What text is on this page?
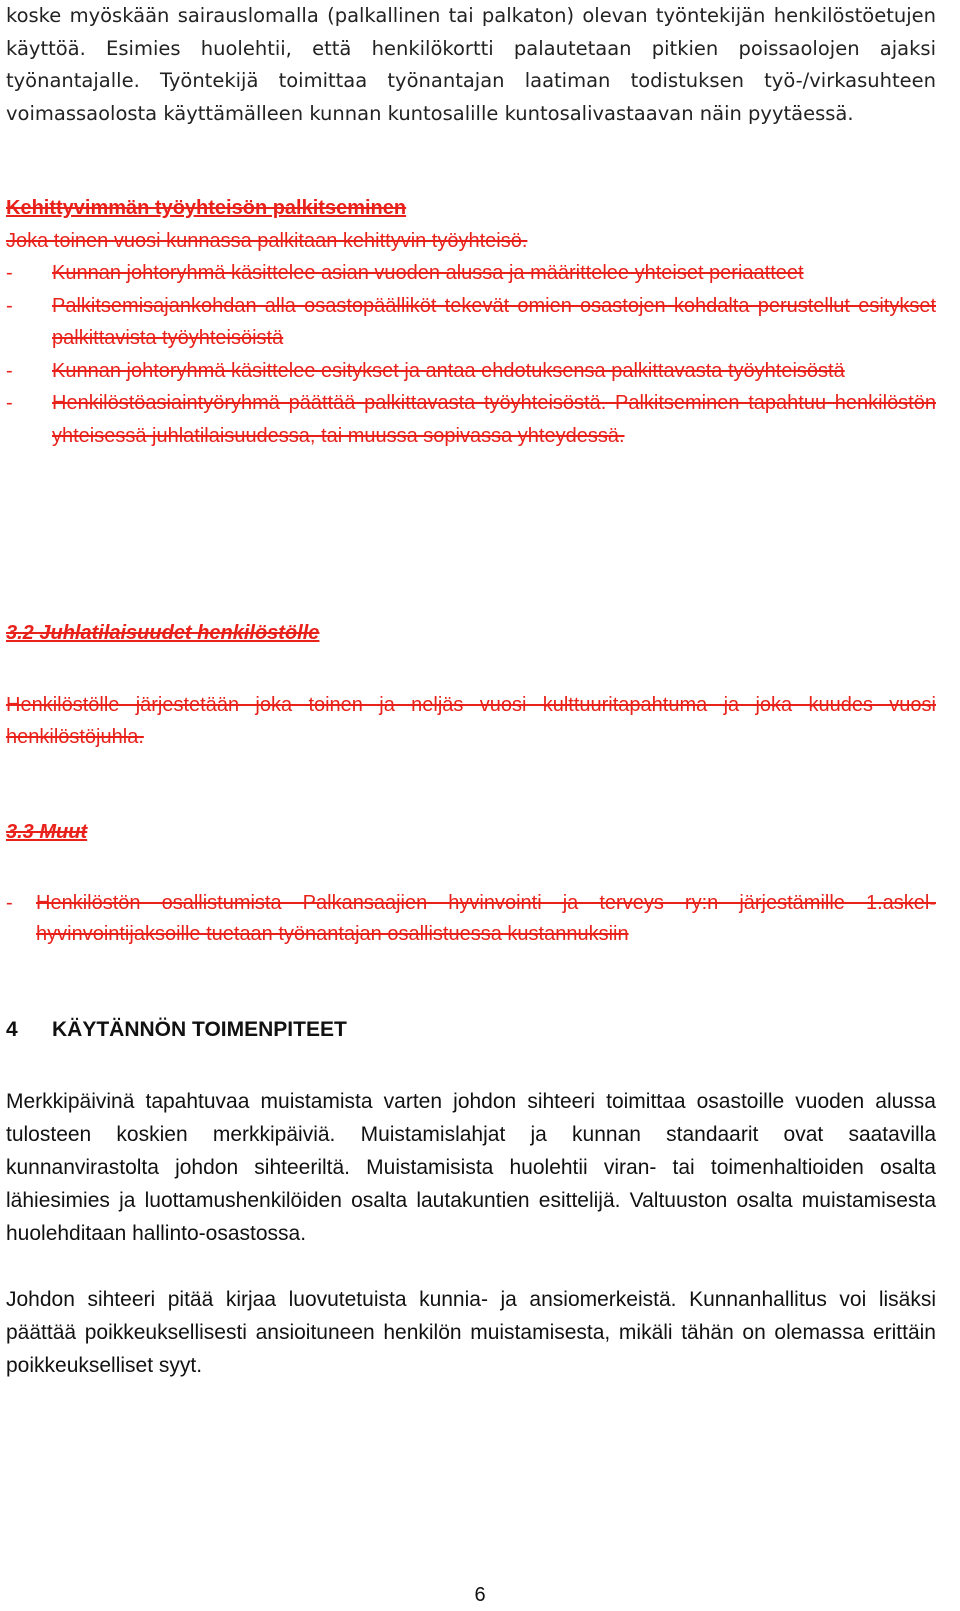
koske myöskään sairauslomalla (palkallinen tai palkaton) olevan työntekijän henkilöstöetujen käyttöä. Esimies huolehtii, että henkilökortti palautetaan pitkien poissaolojen ajaksi työnantajalle. Työntekijä toimittaa työnantajan laatiman todistuksen työ-/virkasuhteen voimassaolosta käyttämälleen kunnan kuntosalille kuntosalivastaavan näin pyytäessä.
Kehittyvimmän työyhteisön palkitseminen
Joka toinen vuosi kunnassa palkitaan kehittyvin työyhteisö.
- Kunnan johtoryhmä käsittelee asian vuoden alussa ja määrittelee yhteiset periaatteet
- Palkitsemisajankohdan alla osastopäälliköt tekevät omien osastojen kohdalta perustellut esitykset palkittavista työyhteisöistä
- Kunnan johtoryhmä käsittelee esitykset ja antaa ehdotuksensa palkittavasta työyhteisöstä
- Henkilöstöasiaintyöryhmä päättää palkittavasta työyhteisöstä. Palkitseminen tapahtuu henkilöstön yhteisessä juhlatilaisuudessa, tai muussa sopivassa yhteydessä.
3.2 Juhlatilaisuudet henkilöstölle
Henkilöstölle järjestetään joka toinen ja neljäs vuosi kulttuuritapahtuma ja joka kuudes vuosi henkilöstöjuhla.
3.3 Muut
- Henkilöstön osallistumista Palkansaajien hyvinvointi ja terveys ry:n järjestämille 1.askel-hyvinvointijaksoille tuetaan työnantajan osallistuessa kustannuksiin
4 KÄYTÄNNÖN TOIMENPITEET
Merkkipäivinä tapahtuvaa muistamista varten johdon sihteeri toimittaa osastoille vuoden alussa tulosteen koskien merkkipäiviä. Muistamislahjat ja kunnan standaarit ovat saatavilla kunnanvirastolta johdon sihteeriltä. Muistamisista huolehtii viran- tai toimenhaltioiden osalta lähiesimies ja luottamushenkilöiden osalta lautakuntien esittelijä. Valtuuston osalta muistamisesta huolehditaan hallinto-osastossa.
Johdon sihteeri pitää kirjaa luovutetuista kunnia- ja ansiomerkeistä. Kunnanhallitus voi lisäksi päättää poikkeuksellisesti ansioituneen henkilön muistamisesta, mikäli tähän on olemassa erittäin poikkeukselliset syyt.
6
